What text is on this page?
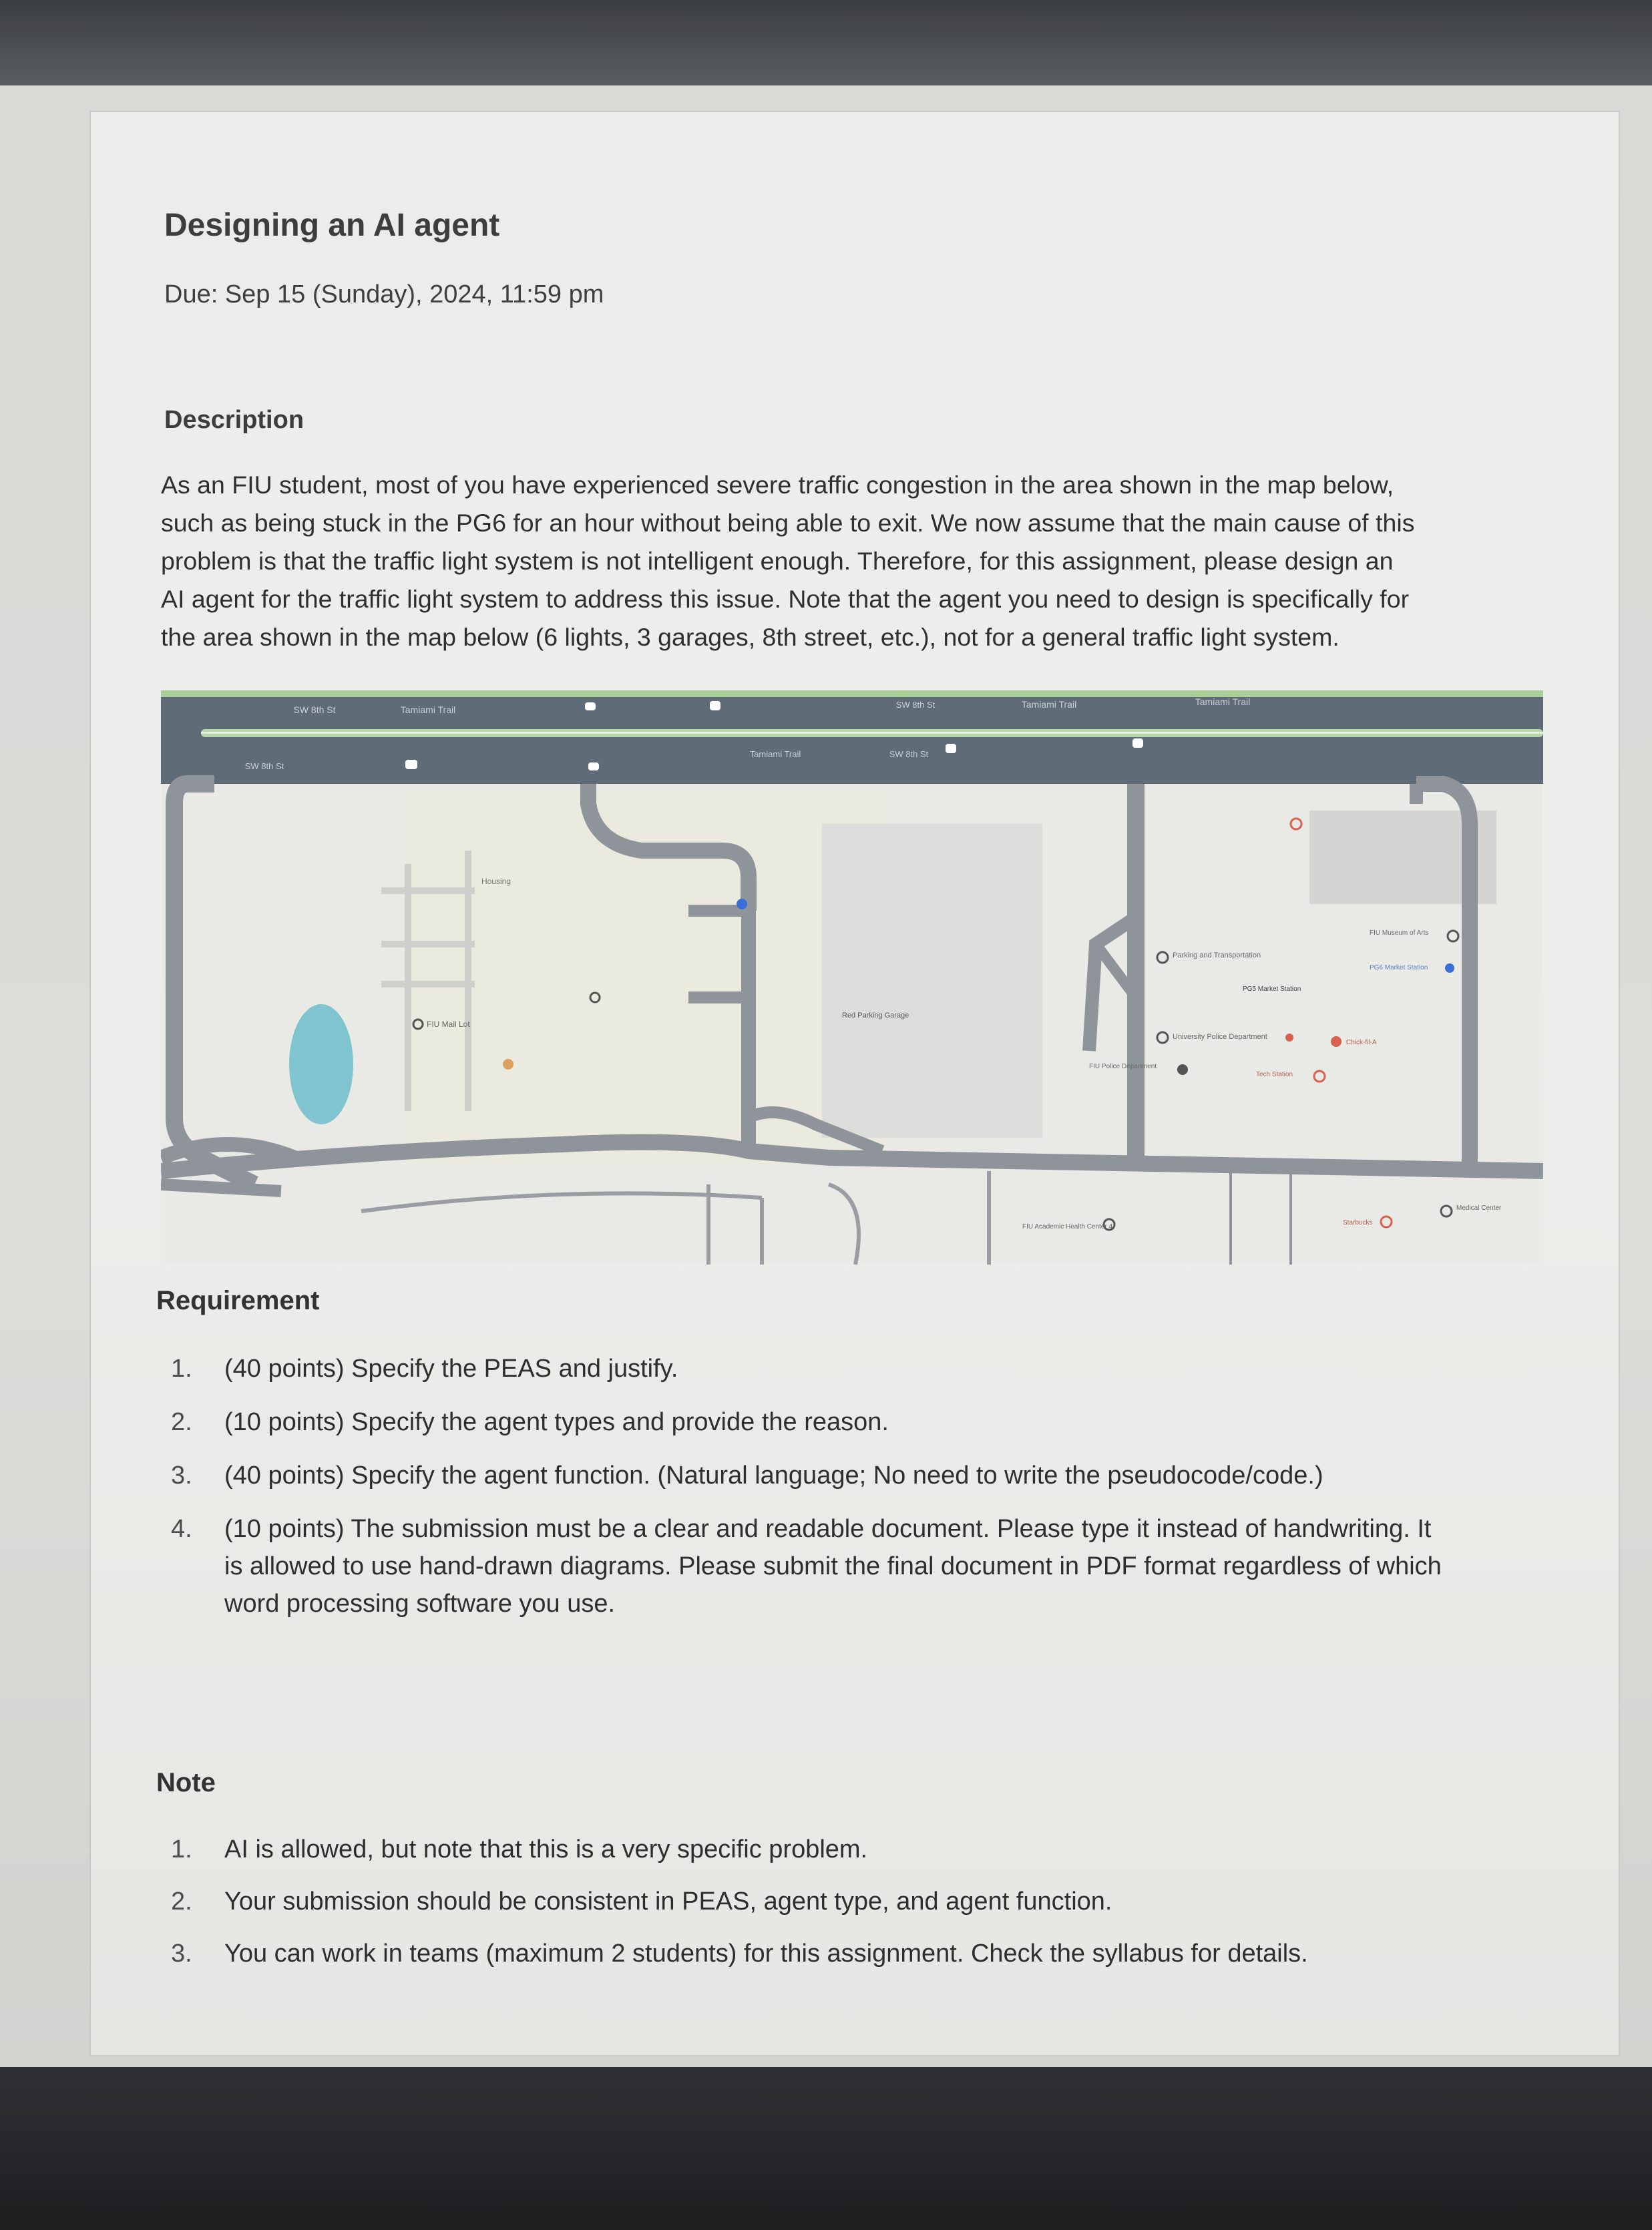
Designing an AI agent
Due: Sep 15 (Sunday), 2024, 11:59 pm
Description
As an FIU student, most of you have experienced severe traffic congestion in the area shown in the map below,
such as being stuck in the PG6 for an hour without being able to exit. We now assume that the main cause of this
problem is that the traffic light system is not intelligent enough. Therefore, for this assignment, please design an
AI agent for the traffic light system to address this issue. Note that the agent you need to design is specifically for
the area shown in the map below (6 lights, 3 garages, 8th street, etc.), not for a general traffic light system.
SW 8th St	Tamiami Trail
SW 8th St
Tamiami Trail
Tamiami Trail
SW 8th St	Tamiami Trail
SW 8th St
Housing
FIU Mall Lot
Red Parking Garage
Parking and Transportation
University Police Department
PG5 Market Station
FIU Police Department
Tech Station
FIU Museum of Arts
PG6 Market Station
FIU Academic Health Center 4
Starbucks
Chick-fil-A
Medical Center
Requirement
1. (40 points) Specify the PEAS and justify.
2. (10 points) Specify the agent types and provide the reason.
3. (40 points) Specify the agent function. (Natural language; No need to write the pseudocode/code.)
4. (10 points) The submission must be a clear and readable document. Please type it instead of handwriting. It
is allowed to use hand-drawn diagrams. Please submit the final document in PDF format regardless of which
word processing software you use.
Note
1. AI is allowed, but note that this is a very specific problem.
2. Your submission should be consistent in PEAS, agent type, and agent function.
3. You can work in teams (maximum 2 students) for this assignment. Check the syllabus for details.
